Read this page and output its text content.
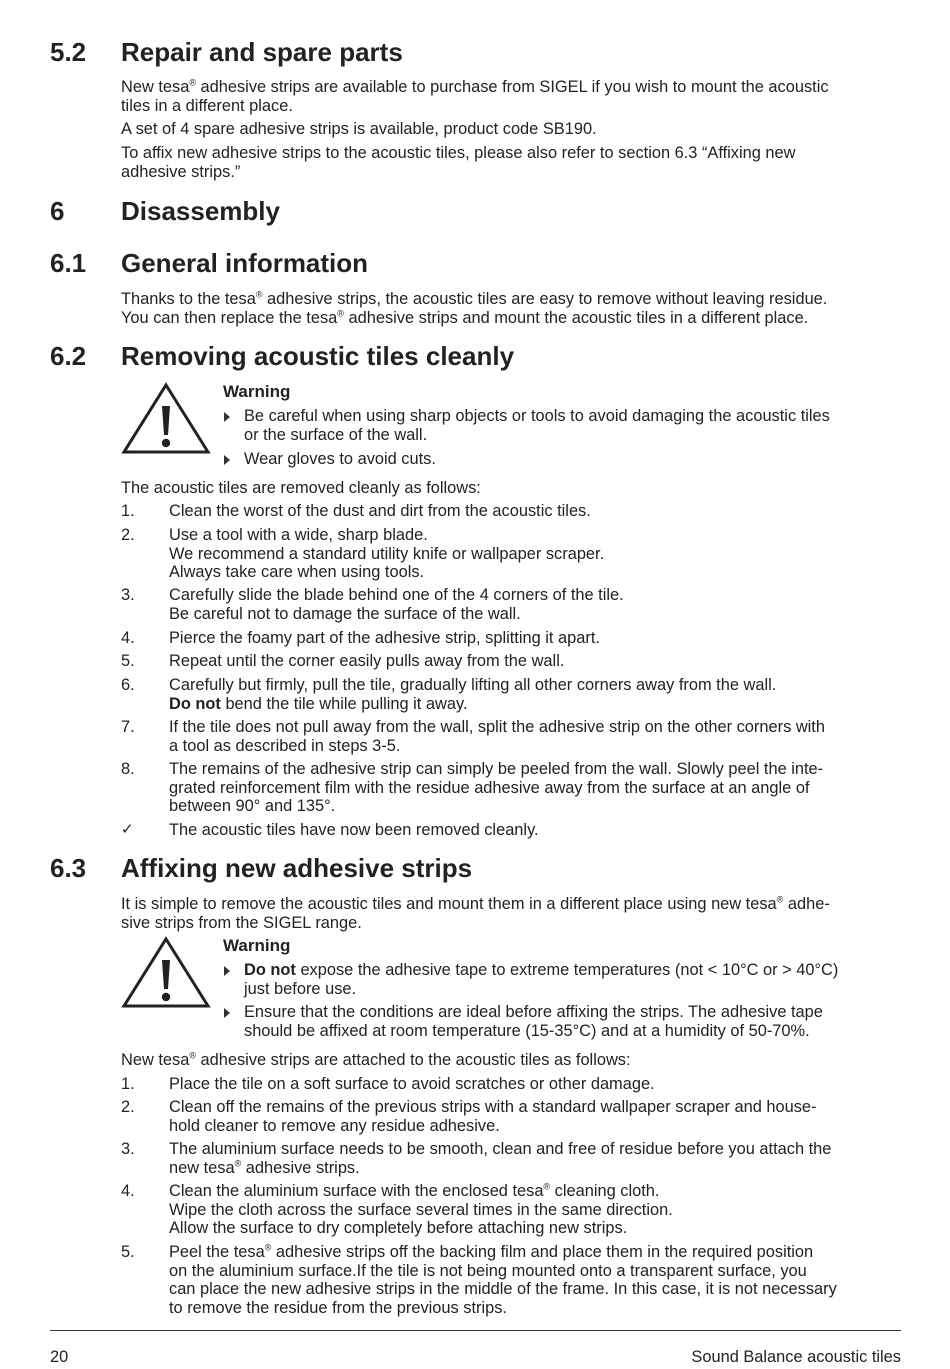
5.2 Repair and spare parts
New tesa® adhesive strips are available to purchase from SIGEL if you wish to mount the acoustic
tiles in a different place.
A set of 4 spare adhesive strips is available, product code SB190.
To affix new adhesive strips to the acoustic tiles, please also refer to section 6.3 “Affixing new
adhesive strips.”
6 Disassembly
6.1 General information
Thanks to the tesa® adhesive strips, the acoustic tiles are easy to remove without leaving residue.
You can then replace the tesa® adhesive strips and mount the acoustic tiles in a different place.
6.2 Removing acoustic tiles cleanly
Warning
Be careful when using sharp objects or tools to avoid damaging the acoustic tiles
or the surface of the wall.
Wear gloves to avoid cuts.
The acoustic tiles are removed cleanly as follows:
1. Clean the worst of the dust and dirt from the acoustic tiles.
2. Use a tool with a wide, sharp blade.
We recommend a standard utility knife or wallpaper scraper.
Always take care when using tools.
3. Carefully slide the blade behind one of the 4 corners of the tile.
Be careful not to damage the surface of the wall.
4. Pierce the foamy part of the adhesive strip, splitting it apart.
5. Repeat until the corner easily pulls away from the wall.
6. Carefully but firmly, pull the tile, gradually lifting all other corners away from the wall.
Do not bend the tile while pulling it away.
7. If the tile does not pull away from the wall, split the adhesive strip on the other corners with
a tool as described in steps 3-5.
8. The remains of the adhesive strip can simply be peeled from the wall. Slowly peel the inte-
grated reinforcement film with the residue adhesive away from the surface at an angle of
between 90° and 135°.
✓ The acoustic tiles have now been removed cleanly.
6.3 Affixing new adhesive strips
It is simple to remove the acoustic tiles and mount them in a different place using new tesa® adhe-
sive strips from the SIGEL range.
Warning
Do not expose the adhesive tape to extreme temperatures (not < 10°C or > 40°C)
just before use.
Ensure that the conditions are ideal before affixing the strips. The adhesive tape
should be affixed at room temperature (15-35°C) and at a humidity of 50-70%.
New tesa® adhesive strips are attached to the acoustic tiles as follows:
1. Place the tile on a soft surface to avoid scratches or other damage.
2. Clean off the remains of the previous strips with a standard wallpaper scraper and house-
hold cleaner to remove any residue adhesive.
3. The aluminium surface needs to be smooth, clean and free of residue before you attach the
new tesa® adhesive strips.
4. Clean the aluminium surface with the enclosed tesa® cleaning cloth.
Wipe the cloth across the surface several times in the same direction.
Allow the surface to dry completely before attaching new strips.
5. Peel the tesa® adhesive strips off the backing film and place them in the required position
on the aluminium surface.If the tile is not being mounted onto a transparent surface, you
can place the new adhesive strips in the middle of the frame. In this case, it is not necessary
to remove the residue from the previous strips.
20	Sound Balance acoustic tiles
